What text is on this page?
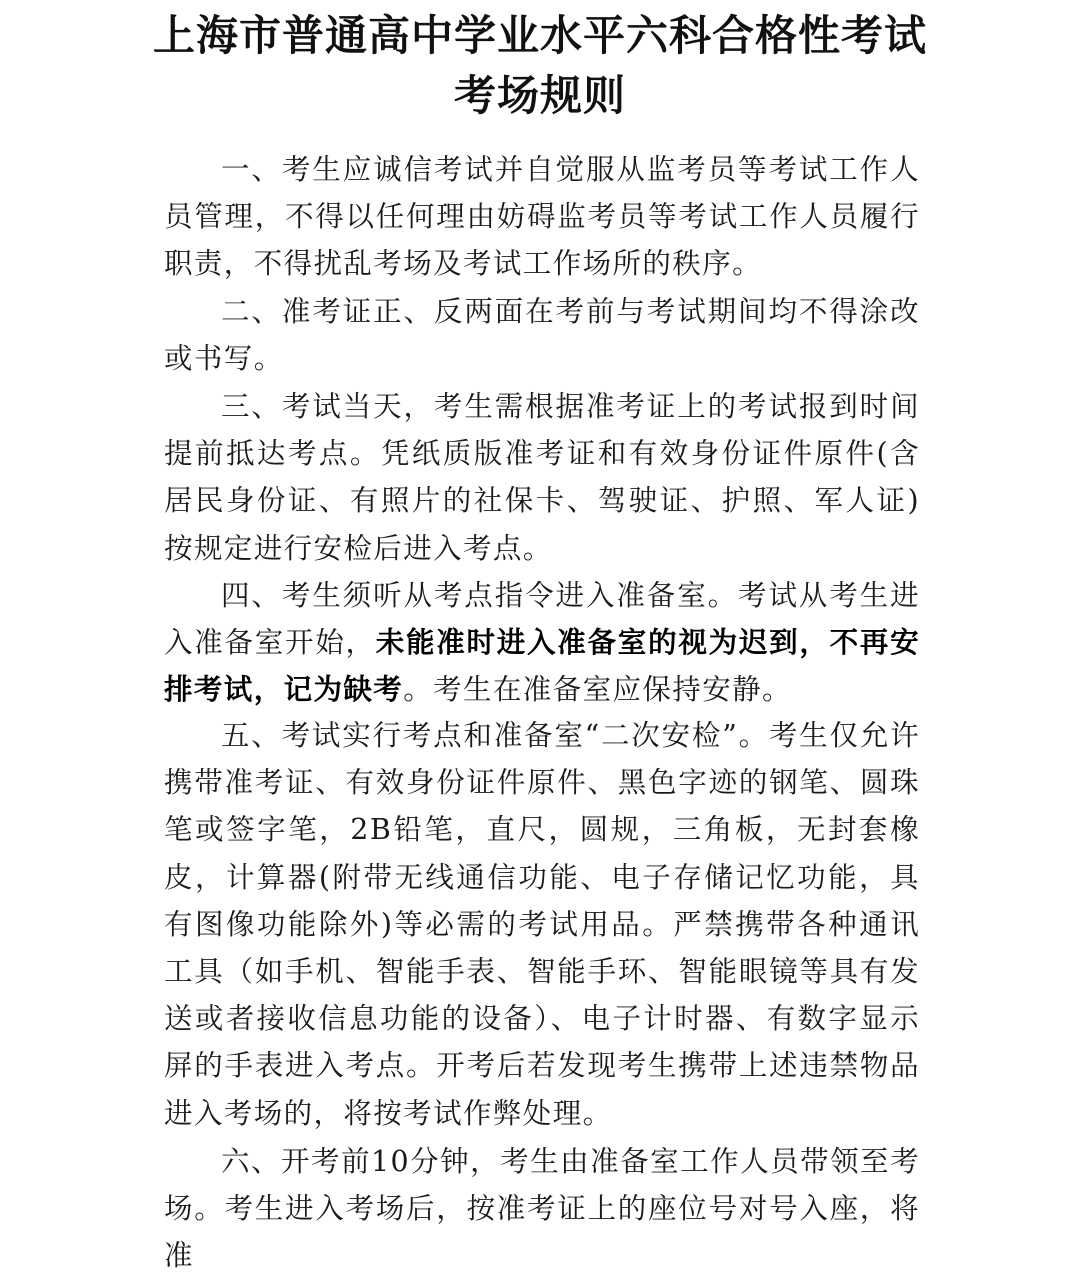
上海市普通高中学业水平六科合格性考试
考场规则

一、考生应诚信考试并自觉服从监考员等考试工作人员管理，不得以任何理由妨碍监考员等考试工作人员履行职责，不得扰乱考场及考试工作场所的秩序。

二、准考证正、反两面在考前与考试期间均不得涂改或书写。

三、考试当天，考生需根据准考证上的考试报到时间提前抵达考点。凭纸质版准考证和有效身份证件原件(含居民身份证、有照片的社保卡、驾驶证、护照、军人证)按规定进行安检后进入考点。

四、考生须听从考点指令进入准备室。考试从考生进入准备室开始，未能准时进入准备室的视为迟到，不再安排考试，记为缺考。考生在准备室应保持安静。

五、考试实行考点和准备室“二次安检”。考生仅允许携带准考证、有效身份证件原件、黑色字迹的钢笔、圆珠笔或签字笔，2B铅笔，直尺，圆规，三角板，无封套橡皮，计算器(附带无线通信功能、电子存储记忆功能，具有图像功能除外)等必需的考试用品。严禁携带各种通讯工具（如手机、智能手表、智能手环、智能眼镜等具有发送或者接收信息功能的设备）、电子计时器、有数字显示屏的手表进入考点。开考后若发现考生携带上述违禁物品进入考场的，将按考试作弊处理。

六、开考前10分钟，考生由准备室工作人员带领至考场。考生进入考场后，按准考证上的座位号对号入座，将准
